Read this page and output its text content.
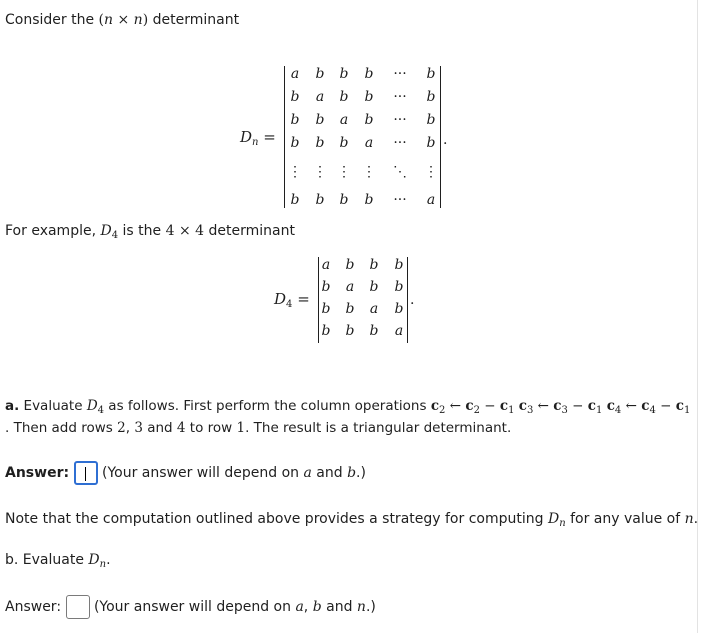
Consider the (n × n) determinant
$D_n$ =
a b b b ··· b
b a b b ··· b
b b a b ··· b
b b b a ··· b
⋮ ⋮ ⋮ ⋮ ⋱ ⋮
b b b b ··· a
.
For example, $D_4$ is the 4 × 4 determinant
$D_4$ =
a b b b
b a b b
b b a b
b b b a
.
a. Evaluate $D_4$ as follows. First perform the column operations $c_2$ ← $c_2 - c_1$ $c_3$ ← $c_3 - c_1$ $c_4$ ← $c_4 - c_1$
. Then add rows 2, 3 and 4 to row 1. The result is a triangular determinant.
Answer: (Your answer will depend on a and b.)
Note that the computation outlined above provides a strategy for computing $D_n$ for any value of n.
b. Evaluate $D_n$.
Answer: (Your answer will depend on a, b and n.)
